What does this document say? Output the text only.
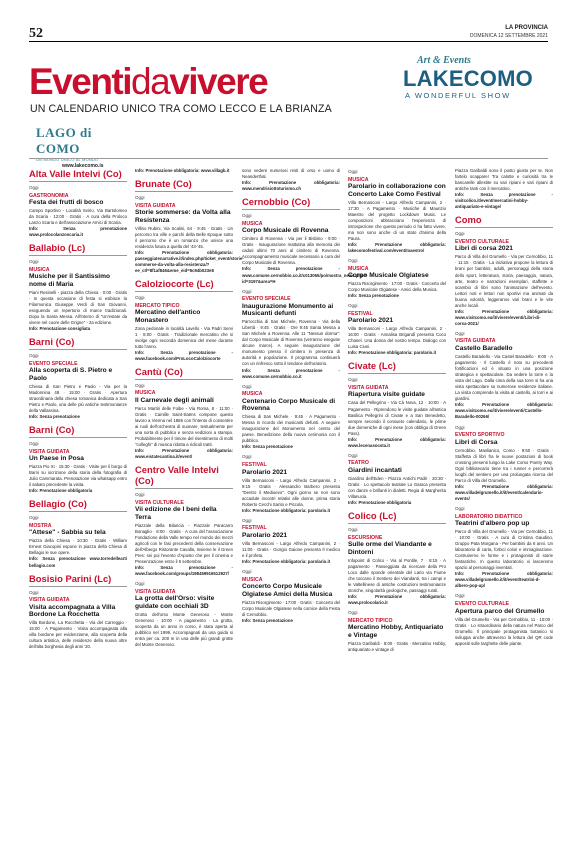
52	LA PROVINCIA
DOMENICA 12 SETTEMBRE 2021
Eventidavivere
UN CALENDARIO UNICO TRA COMO LECCO E LA BRIANZA
Art & Events
LAKECOMO
A WONDERFUL SHOW
LAGO di COMO
UN MONDO UNICO AL MONDO
www.lakecomo.is
Alta Valle Intelvi (Co)
Oggi
GASTRONOMIA
Festa dei frutti di bosco
Campo Sportivo - Località Svirio, Via Bartolomeo da Scaria · 12:00 · Gratis · A cura della Proloco Lanzo Scaria e dell'associazione Amici di Scaria.
Info: Senza prenotazione www.prolocolanzoscaria.it
Ballabio (Lc)
Oggi
MUSICA
Musiche per il Santissimo nome di Maria
Piani Resinelli - piazza della Chiesa · 0:00 · Gratis · In questa occasione di festa si esibisce la Filarmonica Giuseppe Verdi di San Giovanni, eseguendo un repertorio di marce tradizionali. Dopo la Santa Messa. All'interno di "Un'estate da vivere nel cuore delle Grigne" - 2a edizione.
Info: Prenotazione consigliata
Barni (Co)
Oggi
EVENTO SPECIALE
Alla scoperta di S. Pietro e Paolo
Chiesa di San Pietro e Paolo - Via per la Madonnina 48 · 15:00 · Gratis · Apertura straordinaria della chiesa romanica dedicata a San Pietro e Paolo, una delle più antiche testimonianze della Vallassina.
Info: Senza prenotazione
Barni (Co)
Oggi
VISITA GUIDATA
Un Paese in Posa
Piazza Pio XI · 15:30 · Gratis · Visite per il borgo di Barni su iscrizione della storia della fotografia di Julio Cammarata. Prenotazione via whatsapp entro il sabato precedente la visita.
Info: Prenotazione obbligatoria
Bellagio (Co)
Oggi
MOSTRA
"Attese" - Sabbia su tela
Piazza della Chiesa · 10:30 · Gratis · William Ernest Giacopini espone in piazza della Chiesa di Bellagio le sue opere.
Info: Senza prenotazione www.torredellearti bellagio.com
Bosisio Parini (Lc)
Oggi
VISITA GUIDATA
Visita accompagnata a Villa Bordone La Rocchetta
Villa Bordone, La Rocchetta - Via del Carreggio · 15:00 · A Pagamento · Visita accompagnata alla villa bordone per evidenziarne, alla scoperta della cultura artistica, delle residenze della nuova oltre dell'alta borghesia degli anni '20.
Info: Prenotazione obbligatoria: www.villagb.it
Brunate (Co)
Oggi
VISITA GUIDATA
Storie sommerse: da Volta alla Resistenza
Villino Rubini, Via Scalini, 64 · 9:45 · Gratis · Un percorso tra ville e parchi della Belle Epoque sotto il percorso che è un romanzo che unisce una residenza futura a quella del '43-'45.
Info: Prenotazione obbligatoria: passeggiatenarrative.it/index.php/ticket_event/storie-sommerse-da-volta-alla-resistenza/?ee_ctl=8f1af846&eme_eid=5c94b023e8
Calolziocorte (Lc)
Oggi
MERCATO TIPICO
Mercatino dell'antico Monastero
Zona pedonale in località Lavello - Via Padri Servi 1 · 8:00 · Gratis · Tradizionale mercatino che si svolge ogni seconda domenica del mese durante tutto l'anno.
Info: Senza prenotazione - www.facebook.com/ProLocoCalolziocorte
Cantù (Co)
Oggi
MUSICA
Il Carnevale degli animali
Parco Martiri delle Foibe - Via Roma, 8 · 11:00 · Gratis · Camille Saint-Saëns compone questo lavoro a Vienna nel 1886 con l'intento di consentire ai ruoli dell'orchestra di suonare, testualmente per una sorta di pubblico e senza vedizioni a stampa. Probabilmente per il timore del risentimento di molti "colleghi" di musica ridotta a ridicoli tratti.
Info: Prenotazione obbligatoria: www.eistatecantina.it/event/
Centro Valle Intelvi (Co)
Oggi
VISITA CULTURALE
Vii edizione de I beni della Terra
Piazzale della Bilancia - Piazzale Paracarro Bonaglio · 8:00 · Gratis · A cura del l'associazione Fondazione della Valle tempo nel mondo dei mezzi agricoli con le fasi precedenti della conservazione dell'Albergo Ristorante Cavalla, Insieme le il Green Pres: sei poi l'evento d'Aposto che per il cinema e Presenzazione entro il 5 settembre.
Info: Senza prenotazione - www.facebook.com/groups/198459916512927/
Oggi
VISITA GUIDATA
La grotta dell'Orso: visite guidate con occhiali 3D
Grotta dell'orso Monte Generoso - Monte Generoso · 10:00 · A pagamento · La grotta, scoperta da un anno in corso, è stata aperta al pubblico nel 1999. Accompagnati da una guida si entra per ca. 200 m in una delle più grandi grotte del Monte Generoso.
sono vedere numerosi resti di orso e uomo di Neanderthal.
Info: Prenotazione obbligatoria: www.mendrisiottoturismo.ch
Cernobbio (Co)
Oggi
MUSICA
Corpo Musicale di Rovenna
Cimitero di Rovenna - Via per il Bisbino · 9:00 · Gratis · Inaugurazione mattutina alla memoria dei caduti ultimi 70 anni al cimitero di Rovenna. Accompagnamento musicale necessario a cura del Corpo Musicale di Rovenna.
Info: Senza prenotazione - www.comune.cernobbio.co.it/c013065/po/mostra_news.php?id=3197&area=H
Oggi
EVENTO SPECIALE
Inaugurazione Monumento ai Musicanti defunti
Parrocchia di San Michele, Rovenna - Via della Libertà · 9:45 · Gratis · Ore 9:45 Santa Messa a San Michele a Rovenna. Alle 11 "Nessun dorma": dal Corpo Musicale di Rovenna (verranno esegutie alcune marce). A seguire inaugurazione del monumento presso il cimitero in presenza di autorità e popolazione. Il programma continuerà con un rinfresco sotto il tendone dell'oratorio.
Info: Senza prenotazione - www.comune.cernobbio.co.it
Oggi
MUSICA
Centenario Corpo Musicale di Rovenna
Chiesa di San Michele · 9:45 · A Pagamento · Messa in ricordo dei musicanti defunti. A seguire inaugurazione del Monumento nel centro del paese. Benedizione della nuova cerimonia con il pubblico.
Info: Senza prenotazione
Oggi
FESTIVAL
Parolario 2021
Villa Bernasconi - Largo Alfredo Campanini, 2 · 9:15 · Gratis · Alessandro Barbero presenta "Dentro il Medioevo". Ogni giorno se non sono accadute incontri relativi alle donne, prima storia Roberto Cecchi Santo e Piccola.
Info: Prenotazione obbligatoria: parolario.it
Oggi
FESTIVAL
Parolario 2021
Villa Bernasconi - Largo Alfredo Campanini, 2 · 11:00 · Gratis · Giorgio Gaione presenta Il medico e il profeta.
Info: Prenotazione obbligatoria: parolario.it
Oggi
MUSICA
Concerto Corpo Musicale Olgiatese Amici della Musica
Piazza Risorgimento · 17:00 · Gratis · Concerto del Corpo Musicale Olgiatese nella cornice della Festa di Cernobbio.
Info: Senza prenotazione
Oggi
MUSICA
Parolario in collaborazione con Concerto Lake Como Festival
Villa Bernasconi - Largo Alfredo Campanini, 2 · 17:30 · A Pagamento · Musiche di Maurizio Maestro del progetto Lockdown Music. Le composizioni abbracciano l'esperienza di introspezione che questo periodo ci ha fatto vivere, ma non sono anche di un stato d'animo della Paura.
Info: Prenotazione obbligatoria: lakecomofestival.com/event/maestro/
Oggi
MUSICA
Corpo Musicale Olgiatese
Piazza Risorgimento · 17:00 · Gratis · Concerto del Corpo Musicale Olgiatese - Amici della Musica.
Info: Senza prenotazione
Oggi
FESTIVAL
Parolario 2021
Villa Bernasconi - Largo Alfredo Campanini, 2 · 16:00 · Gratis · Annalisa Brigandì presenta Coco Chanel. Una donna del nostro tempo. Dialogo con Luisa Ciuni.
Info: Prenotazione obbligatoria: parolario.it
Civate (Lc)
Oggi
VISITA GUIDATA
Riapertura visite guidate
Casa del Pellegrino - Via Cà Nova, 12 · 10:00 · A Pagamento · Riprendono le visite guidate all'antica Basilica Pellegrini di Civate e a San Benedetto, sempre secondo il consueto calendario, le prime due domeniche di ogni mese (con obbligo di Green Pass).
Info: Prenotazione obbligatoria: www.lecenasocsta.it
Oggi
TEATRO
Giardini incantati
Giardino dell'Eden - Piazza Antichi Padri · 20:30 · Gratis · Lo spettacolo teatrale Lo Gatoca presenta con danze e brillanti in dialetti. Regia di Margherita Villanucia.
Info: Prenotazione obbligatoria
Colico (Lc)
Oggi
ESCURSIONE
Sulle orme del Viandante e Dintorni
Infopoint di Colico - Via al Pontile, 7 · 8:15 · A pagamento · Passeggiata da ricercare della Pro Loco dalle sponde orientale del Lario via Fiume che toccano il Sentiero dei Viandanti, tra i campi e le Valtellinese di antiche costruzioni testimonianze storiche, singolarità geologiche, passaggi rurali.
Info: Prenotazione obbligatoria: www.prolocolario.it
Oggi
MERCATO TIPICO
Mercatino Hobby, Antiquariato e Vintage
Piazza Garibaldi · 8:00 · Gratis · Mercatino Hobby, antiquariato e vintage di
Piazza Garibaldi sono il posto giusto per te. Non fartelo scappare! Tra calotte e curiosità tra le bancarelle allestite su vari ripiani e vari ripiani di antiche tanti con il mercatino.
Info: Senza prenotazione - visitcolico.it/event/mercatini-hobby-antiquariato-e-vintage/
Como
Oggi
EVENTO CULTURALE
Libri di corsa 2021
Parco di Villa del Grumello - Via per Cernobbio, 11 · 11:15 · Gratis · La iniziativa propone la lettura di brani per bambini, adulti, personaggi della storia dello sport, letteratura, storia, paesaggio, natura, arte, teatro e narrazioni esemplari, staffette e scambio di libri sono l'animazione dell'evento. Lettori noti e lettori non sportivi ma animati da buona volontà, leggeranno vari brani e le vite anche locali.
Info: Prenotazione obbligatoria: www.visitcomo.eu/it/vivere/eventi/Libri-di-corsa-2021/
Oggi
VISITA GUIDATA
Castello Baradello
Castello Baradello - Via Castel Baradello · 9:00 · A pagamento · Il Castello è noto su precedenti fortificazioni ed è situato in una posizione strategica e spettacolare. Da vedere la torre e la vista del Lago. Dalla cima della sua torre si ha una vista spettacolare su numerose residenze italiane. La visita comprende la visita al castello, ai torri e ai giardini.
Info: Prenotazione obbligatoria: www.visitcomo.eu/it/vivere/eventi/Castello-Baradello-00266/
Oggi
EVENTO SPORTIVO
Libri di Corsa
Cernobbio, Maslianico, Como · 9:50 · Gratis · Staffetta di libri fra le nuove postazioni di book crossing presenti lungo la Lake Como Poetry Way. Ogni bibliotecario tiene tra i runner e percorrerà luoghi del sentiero per una prolungata ricerca del Parco di Villa del Grumello.
Info: Prenotazione obbligatoria: www.villadelgrumello.it/it/event/calendario-events/
Oggi
LABORATORIO DIDATTICO
Teatrini d'albero pop up
Parco di Villa del Grumello - Via per Cernobbio, 11 · 10:00 · Gratis · A cura di Cristina Gaudino, Gruppo Pata Morgana - Per bambini da 6 anni. Un laboratorio di carta, forbici colori e immaginazione. Costruiremo le forme e i protagonisti di storie fantastiche. In questo laboratorio vi lasceremo spazio al personaggi inventati.
Info: Prenotazione obbligatoria: www.villadelgrumello.it/it/event/teatrini-d-albero-pop-up/
Oggi
EVENTO CULTURALE
Apertura parco del Grumello
Villa del Grumello - Via per Cernobbio, 11 · 10:00 · Gratis · Lo straordinario della natura nel Parco del Grumello. Il principale protagonista botanico si sviluppa anche attraverso la lettura del QR code appositi sulle targhette delle piante.
